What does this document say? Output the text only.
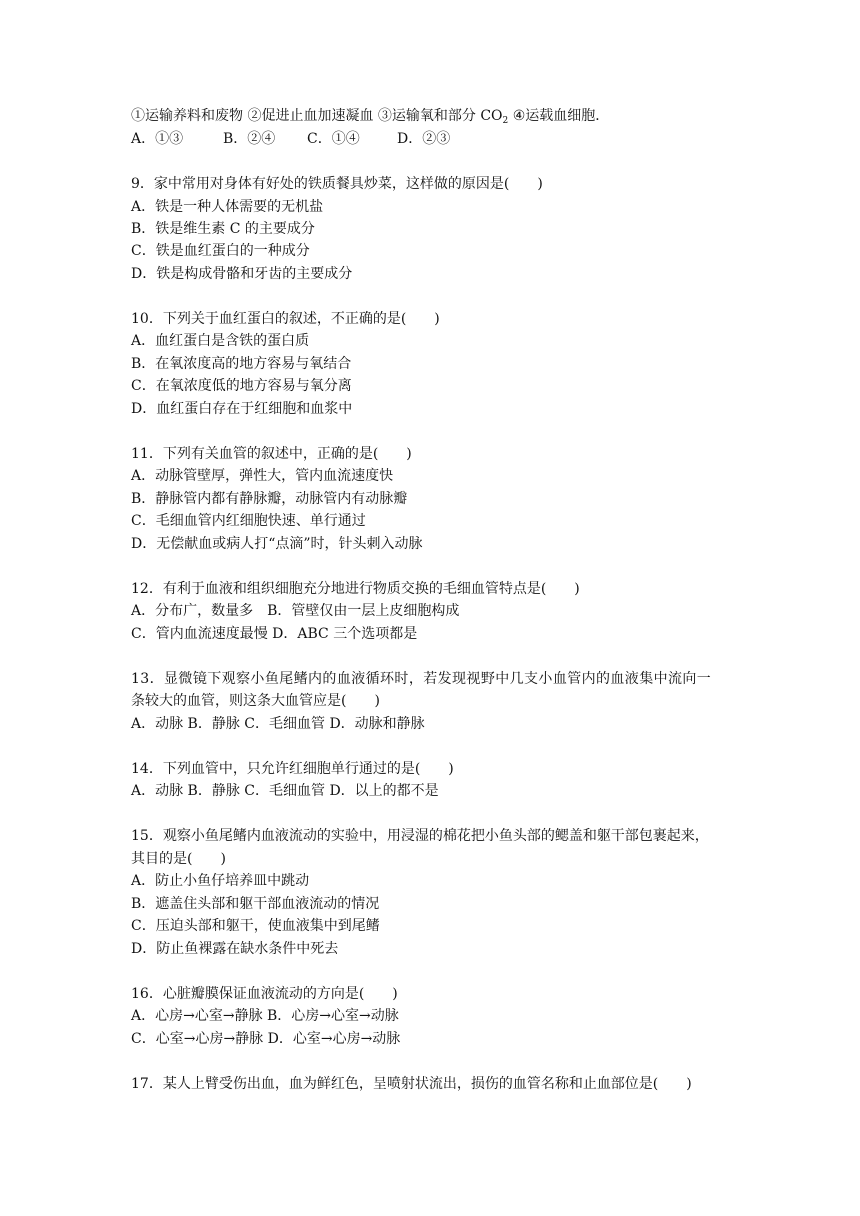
①运输养料和废物 ②促进止血加速凝血 ③运输氧和部分 $CO_2$ ④运载血细胞．
A．①③	B．②④ C．①④	D．②③
9．家中常用对身体有好处的铁质餐具炒菜，这样做的原因是(　　)
A．铁是一种人体需要的无机盐
B．铁是维生素 C 的主要成分
C．铁是血红蛋白的一种成分
D．铁是构成骨骼和牙齿的主要成分
10．下列关于血红蛋白的叙述，不正确的是(　　)
A．血红蛋白是含铁的蛋白质
B．在氧浓度高的地方容易与氧结合
C．在氧浓度低的地方容易与氧分离
D．血红蛋白存在于红细胞和血浆中
11．下列有关血管的叙述中，正确的是(　　)
A．动脉管壁厚，弹性大，管内血流速度快
B．静脉管内都有静脉瓣，动脉管内有动脉瓣
C．毛细血管内红细胞快速、单行通过
D．无偿献血或病人打“点滴”时，针头刺入动脉
12．有利于血液和组织细胞充分地进行物质交换的毛细血管特点是(　　)
A．分布广，数量多　B．管壁仅由一层上皮细胞构成
C．管内血流速度最慢 D．ABC 三个选项都是
13．显微镜下观察小鱼尾鳍内的血液循环时，若发现视野中几支小血管内的血液集中流向一
条较大的血管，则这条大血管应是(　　)
A．动脉 B．静脉 C．毛细血管 D．动脉和静脉
14．下列血管中，只允许红细胞单行通过的是(　　)
A．动脉 B．静脉 C．毛细血管 D．以上的都不是
15．观察小鱼尾鳍内血液流动的实验中，用浸湿的棉花把小鱼头部的鳃盖和躯干部包裹起来，
其目的是(　　)
A．防止小鱼仔培养皿中跳动
B．遮盖住头部和躯干部血液流动的情况
C．压迫头部和躯干，使血液集中到尾鳍
D．防止鱼裸露在缺水条件中死去
16．心脏瓣膜保证血液流动的方向是(　　)
A．心房→心室→静脉 B．心房→心室→动脉
C．心室→心房→静脉 D．心室→心房→动脉
17．某人上臂受伤出血，血为鲜红色，呈喷射状流出，损伤的血管名称和止血部位是(　　)
